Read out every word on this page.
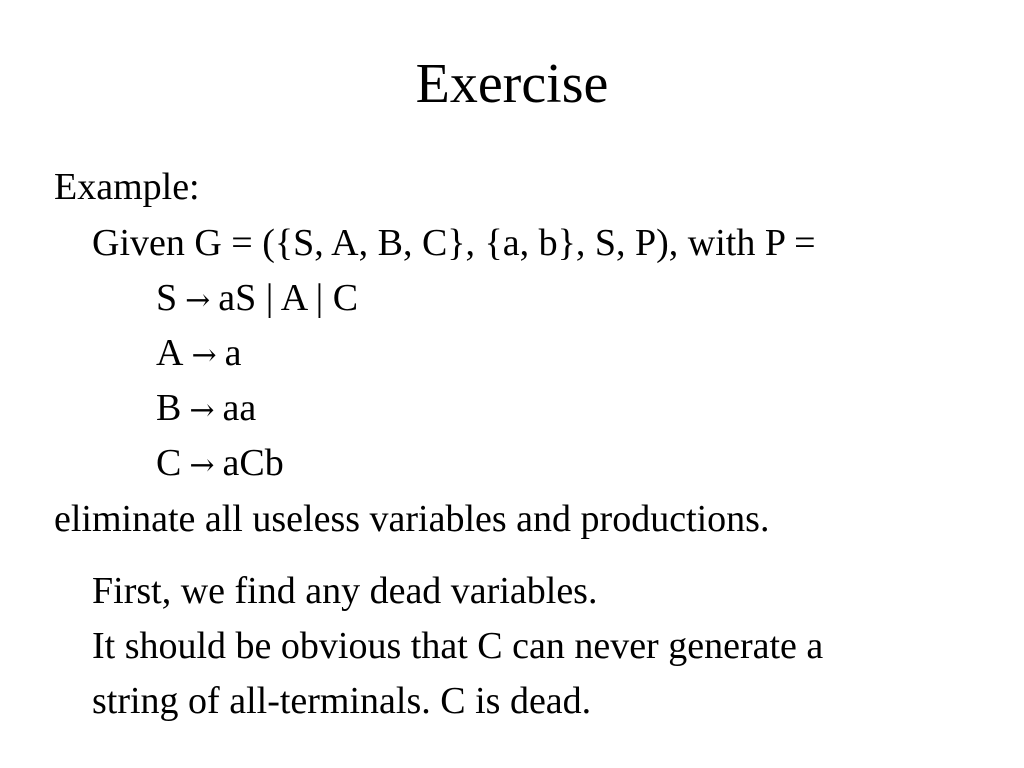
Exercise
Example:
Given G = ({S, A, B, C}, {a, b}, S, P), with P =
S → aS | A | C
A → a
B → aa
C → aCb
eliminate all useless variables and productions.
First, we find any dead variables.
It should be obvious that C can never generate a
string of all-terminals. C is dead.
